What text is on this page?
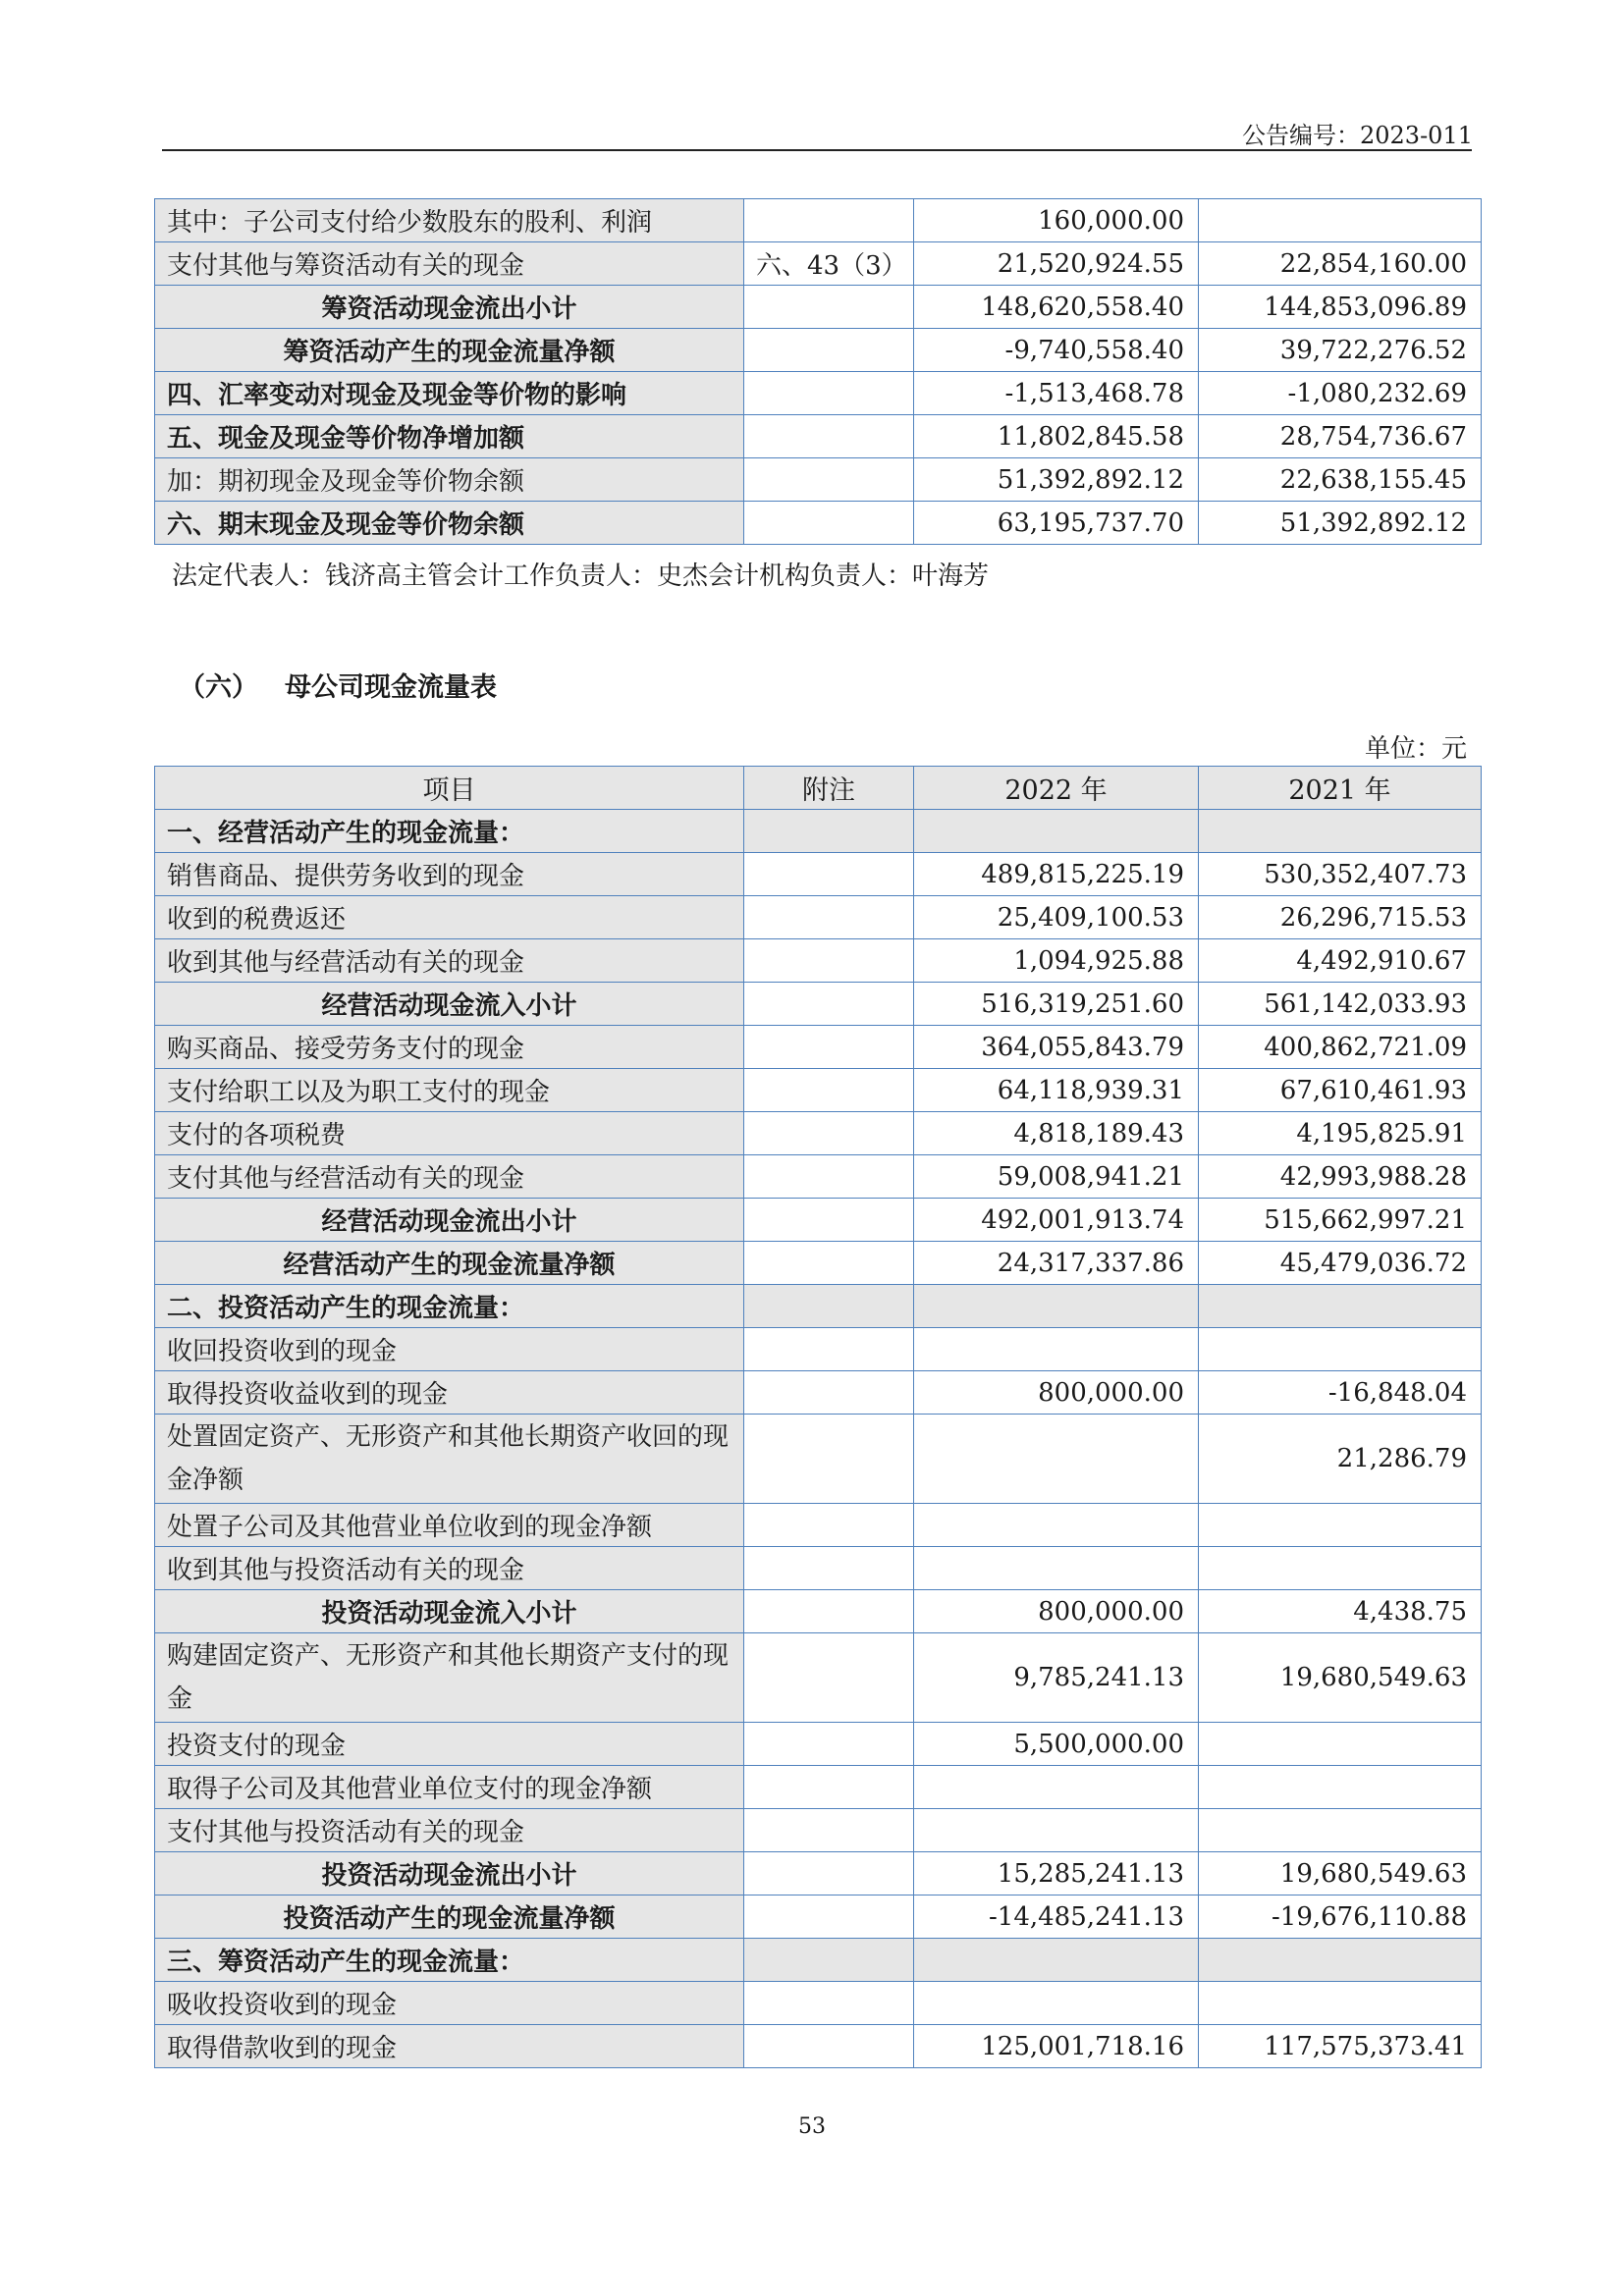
公告编号：2023-011
其中：子公司支付给少数股东的股利、利润		160,000.00	
支付其他与筹资活动有关的现金	六、43（3）	21,520,924.55	22,854,160.00
筹资活动现金流出小计		148,620,558.40	144,853,096.89
筹资活动产生的现金流量净额		-9,740,558.40	39,722,276.52
四、汇率变动对现金及现金等价物的影响		-1,513,468.78	-1,080,232.69
五、现金及现金等价物净增加额		11,802,845.58	28,754,736.67
加：期初现金及现金等价物余额		51,392,892.12	22,638,155.45
六、期末现金及现金等价物余额		63,195,737.70	51,392,892.12
法定代表人：钱济高主管会计工作负责人：史杰会计机构负责人：叶海芳
（六） 母公司现金流量表
单位：元
项目	附注	2022 年	2021 年
一、经营活动产生的现金流量：			
销售商品、提供劳务收到的现金		489,815,225.19	530,352,407.73
收到的税费返还		25,409,100.53	26,296,715.53
收到其他与经营活动有关的现金		1,094,925.88	4,492,910.67
经营活动现金流入小计		516,319,251.60	561,142,033.93
购买商品、接受劳务支付的现金		364,055,843.79	400,862,721.09
支付给职工以及为职工支付的现金		64,118,939.31	67,610,461.93
支付的各项税费		4,818,189.43	4,195,825.91
支付其他与经营活动有关的现金		59,008,941.21	42,993,988.28
经营活动现金流出小计		492,001,913.74	515,662,997.21
经营活动产生的现金流量净额		24,317,337.86	45,479,036.72
二、投资活动产生的现金流量：			
收回投资收到的现金			
取得投资收益收到的现金		800,000.00	-16,848.04
处置固定资产、无形资产和其他长期资产收回的现金净额			21,286.79
处置子公司及其他营业单位收到的现金净额			
收到其他与投资活动有关的现金			
投资活动现金流入小计		800,000.00	4,438.75
购建固定资产、无形资产和其他长期资产支付的现金		9,785,241.13	19,680,549.63
投资支付的现金		5,500,000.00	
取得子公司及其他营业单位支付的现金净额			
支付其他与投资活动有关的现金			
投资活动现金流出小计		15,285,241.13	19,680,549.63
投资活动产生的现金流量净额		-14,485,241.13	-19,676,110.88
三、筹资活动产生的现金流量：			
吸收投资收到的现金			
取得借款收到的现金		125,001,718.16	117,575,373.41
53
